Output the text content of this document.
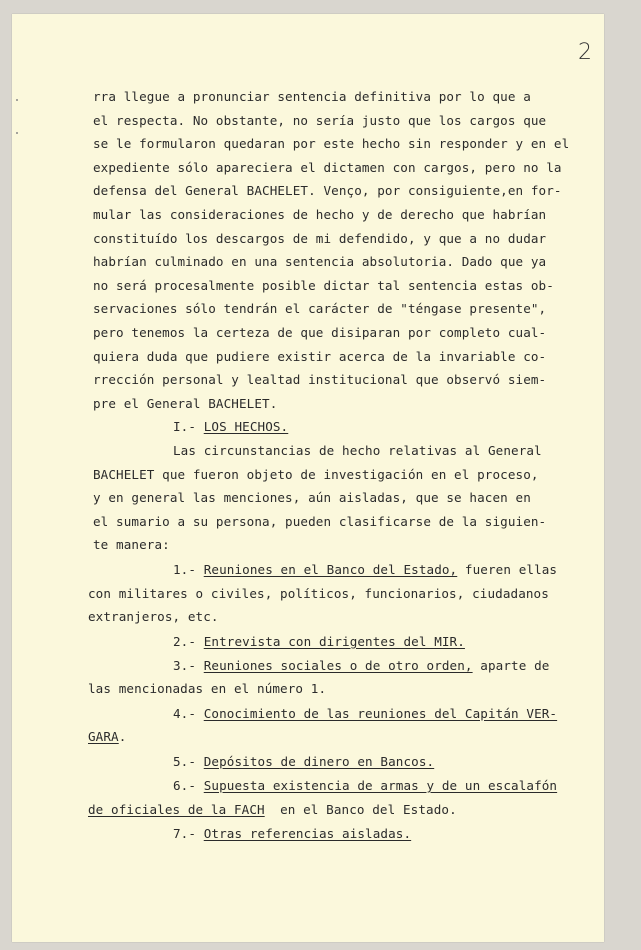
2
rra llegue a pronunciar sentencia definitiva por lo que a
el respecta. No obstante, no sería justo que los cargos que
se le formularon quedaran por este hecho sin responder y en el
expediente sólo apareciera el dictamen con cargos, pero no la
defensa del General BACHELET. Venço, por consiguiente,en for-
mular las consideraciones de hecho y de derecho que habrían
constituído los descargos de mi defendido, y que a no dudar
habrían culminado en una sentencia absolutoria. Dado que ya
no será procesalmente posible dictar tal sentencia estas ob-
servaciones sólo tendrán el carácter de "téngase presente",
pero tenemos la certeza de que disiparan por completo cual-
quiera duda que pudiere existir acerca de la invariable co-
rrección personal y lealtad institucional que observó siem-
pre el General BACHELET.
I.- LOS HECHOS.
Las circunstancias de hecho relativas al General
BACHELET que fueron objeto de investigación en el proceso,
y en general las menciones, aún aisladas, que se hacen en
el sumario a su persona, pueden clasificarse de la siguien-
te manera:
1.- Reuniones en el Banco del Estado, fueren ellas
con militares o civiles, políticos, funcionarios, ciudadanos
extranjeros, etc.
2.- Entrevista con dirigentes del MIR.
3.- Reuniones sociales o de otro orden, aparte de
las mencionadas en el número 1.
4.- Conocimiento de las reuniones del Capitán VER-
GARA.
5.- Depósitos de dinero en Bancos.
6.- Supuesta existencia de armas y de un escalafón
de oficiales de la FACH  en el Banco del Estado.
7.- Otras referencias aisladas.
